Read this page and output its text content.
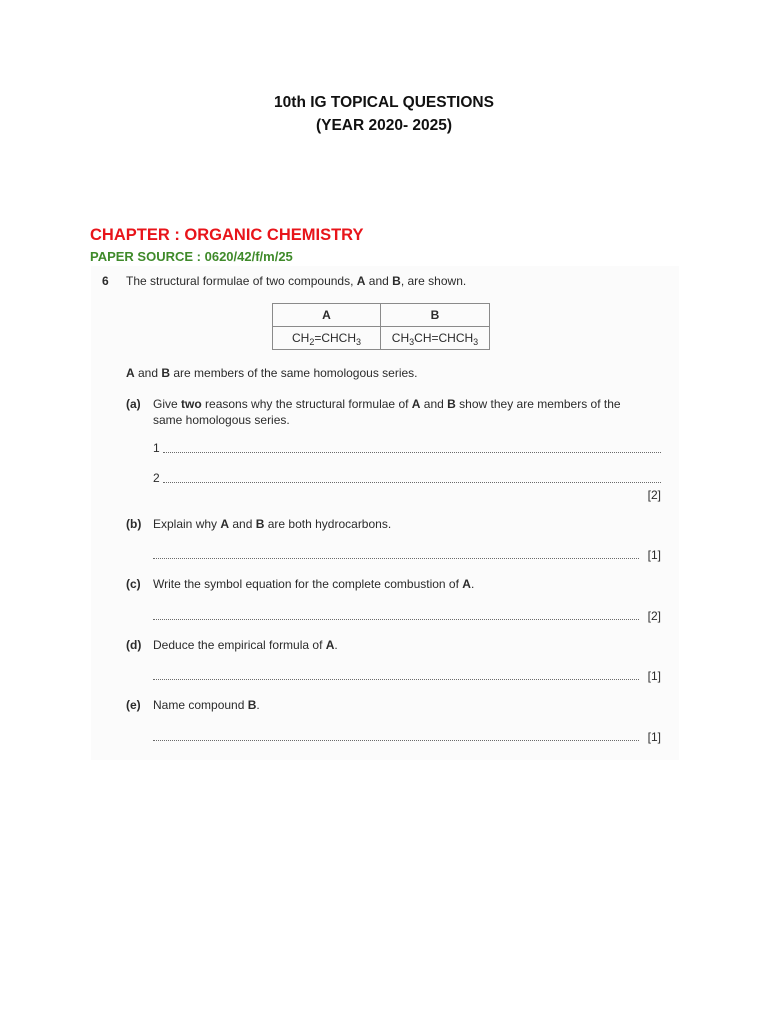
10th IG TOPICAL QUESTIONS
(YEAR 2020- 2025)
CHAPTER : ORGANIC CHEMISTRY
PAPER SOURCE : 0620/42/f/m/25
6 The structural formulae of two compounds, A and B, are shown.
A	B
$CH_2=CHCH_3$	$CH_3CH=CHCH_3$
A and B are members of the same homologous series.
(a) Give two reasons why the structural formulae of A and B show they are members of the
same homologous series.
1
2
[2]
(b) Explain why A and B are both hydrocarbons.
[1]
(c) Write the symbol equation for the complete combustion of A.
[2]
(d) Deduce the empirical formula of A.
[1]
(e) Name compound B.
[1]
